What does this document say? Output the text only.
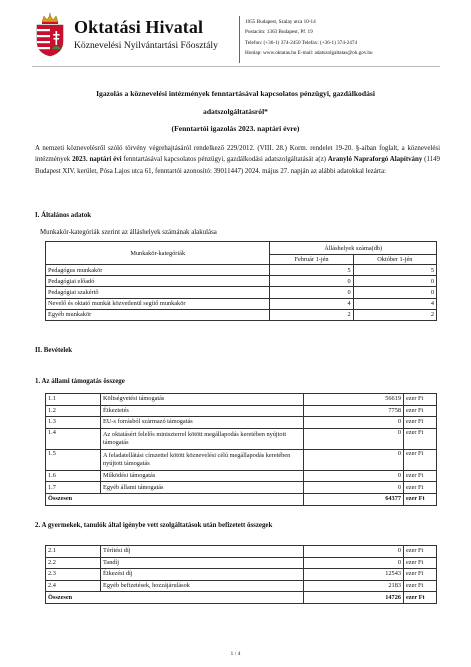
Oktatási Hivatal
Köznevelési Nyilvántartási Főosztály
1055 Budapest, Szalay utca 10-14
Postacím: 1363 Budapest, Pf. 19
Telefon: (+36-1) 374-2450 Telefax: (+36-1) 374-2474
Honlap: www.oktatas.hu E-mail: adatszolgaltatas@oh.gov.hu
Igazolás a köznevelési intézmények fenntartásával kapcsolatos pénzügyi, gazdálkodási
adatszolgáltatásról*
(Fenntartói igazolás 2023. naptári évre)
A nemzeti köznevelésről szóló törvény végrehajtásáról rendelkező 229/2012. (VIII. 28.) Korm. rendelet 19-20. §-aiban foglalt, a köznevelési intézmények 2023. naptári évi fenntartásával kapcsolatos pénzügyi, gazdálkodási adatszolgáltatását a(z) Aranyló Napraforgó Alapítvány (1149 Budapest XIV. kerület, Pósa Lajos utca 61, fenntartói azonosító: 39011447) 2024. május 27. napján az alábbi adatokkal lezárta:
I. Általános adatok
Munkakör-kategóriák szerint az álláshelyek számának alakulása
Munkakör-kategóriák	Álláshelyek száma(db)	
	Február 1-jén	Október 1-jén
Pedagógus munkakör	5	5
Pedagógiai előadó	0	0
Pedagógiai szakértő	0	0
Nevelő és oktató munkát közvetlenül segítő munkakör	4	4
Egyéb munkakör	2	2
II. Bevételek
1. Az állami támogatás összege
1.1	Költségvetési támogatás	56619	ezer Ft
1.2	Étkeztetés	7758	ezer Ft
1.3	EU-s forrásból származó támogatás	0	ezer Ft
1.4	Az oktatásért felelős miniszterrel kötött megállapodás keretében nyújtott támogatás	0	ezer Ft
1.5	A feladatellátási címzettel kötött köznevelési célú megállapodás keretében nyújtott támogatás	0	ezer Ft
1.6	Működési támogatás	0	ezer Ft
1.7	Egyéb állami támogatás	0	ezer Ft
Összesen		64377	ezer Ft
2. A gyermekek, tanulók által igénybe vett szolgáltatások után befizetett összegek
2.1	Térítési díj	0	ezer Ft
2.2	Tandíj	0	ezer Ft
2.3	Étkezési díj	12543	ezer Ft
2.4	Egyéb befizetések, hozzájárulások	2183	ezer Ft
Összesen		14726	ezer Ft
1 / 4
